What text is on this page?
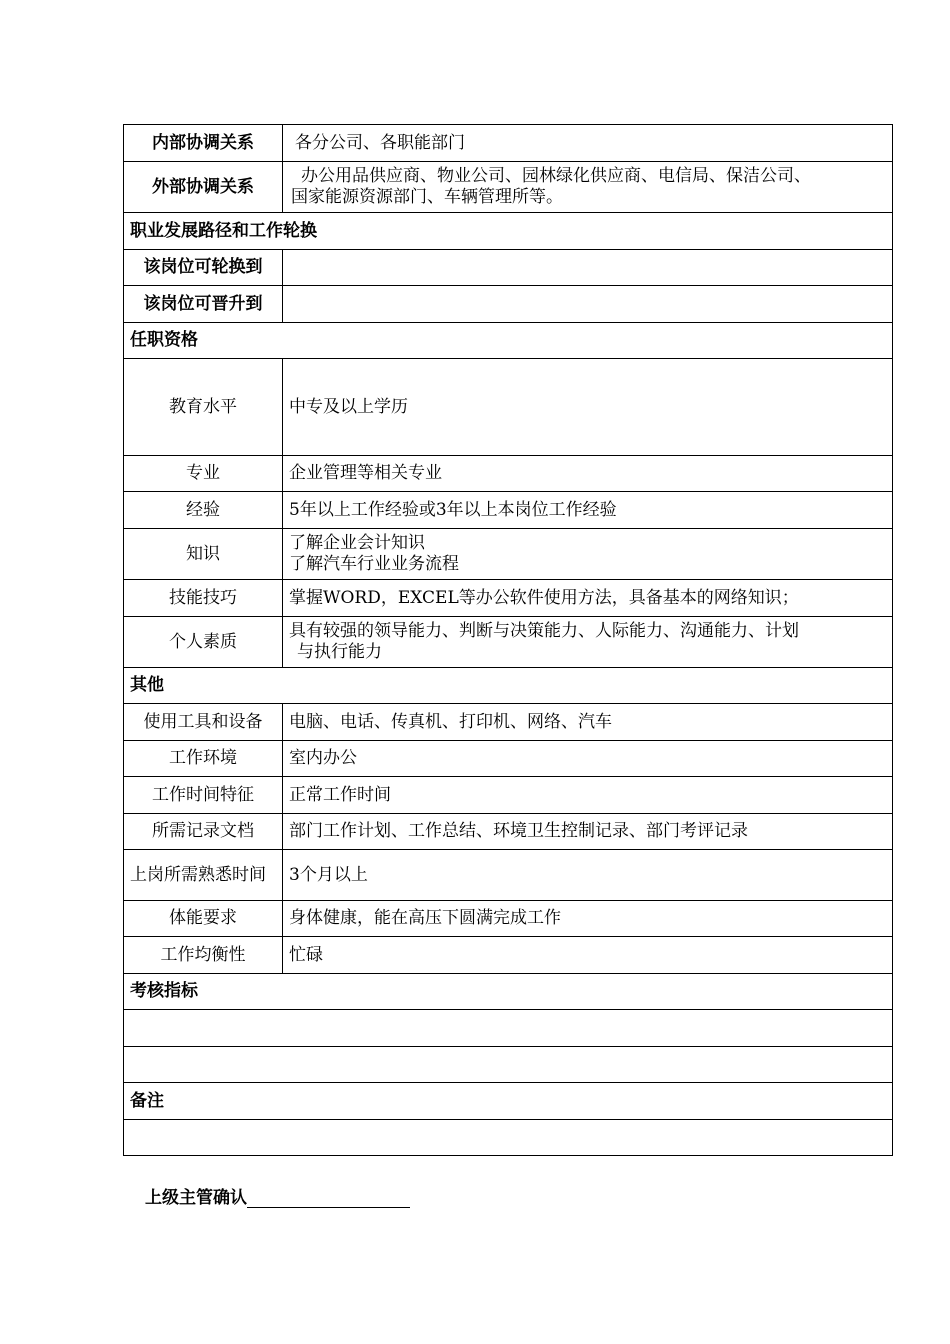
内部协调关系	各分公司、各职能部门
外部协调关系	办公用品供应商、物业公司、园林绿化供应商、电信局、保洁公司、
国家能源资源部门、车辆管理所等。

职业发展路径和工作轮换	
该岗位可轮换到	
该岗位可晋升到	
任职资格	
教育水平	中专及以上学历
专业	企业管理等相关专业
经验	5年以上工作经验或3年以上本岗位工作经验
知识	了解企业会计知识
了解汽车行业业务流程

技能技巧	掌握WORD，EXCEL等办公软件使用方法，具备基本的网络知识；
个人素质	具有较强的领导能力、判断与决策能力、人际能力、沟通能力、计划
与执行能力

其他	
使用工具和设备	电脑、电话、传真机、打印机、网络、汽车
工作环境	室内办公
工作时间特征	正常工作时间
所需记录文档	部门工作计划、工作总结、环境卫生控制记录、部门考评记录
上岗所需熟悉时间	3个月以上
体能要求	身体健康，能在高压下圆满完成工作
工作均衡性	忙碌
考核指标	

备注	

上级主管确认
